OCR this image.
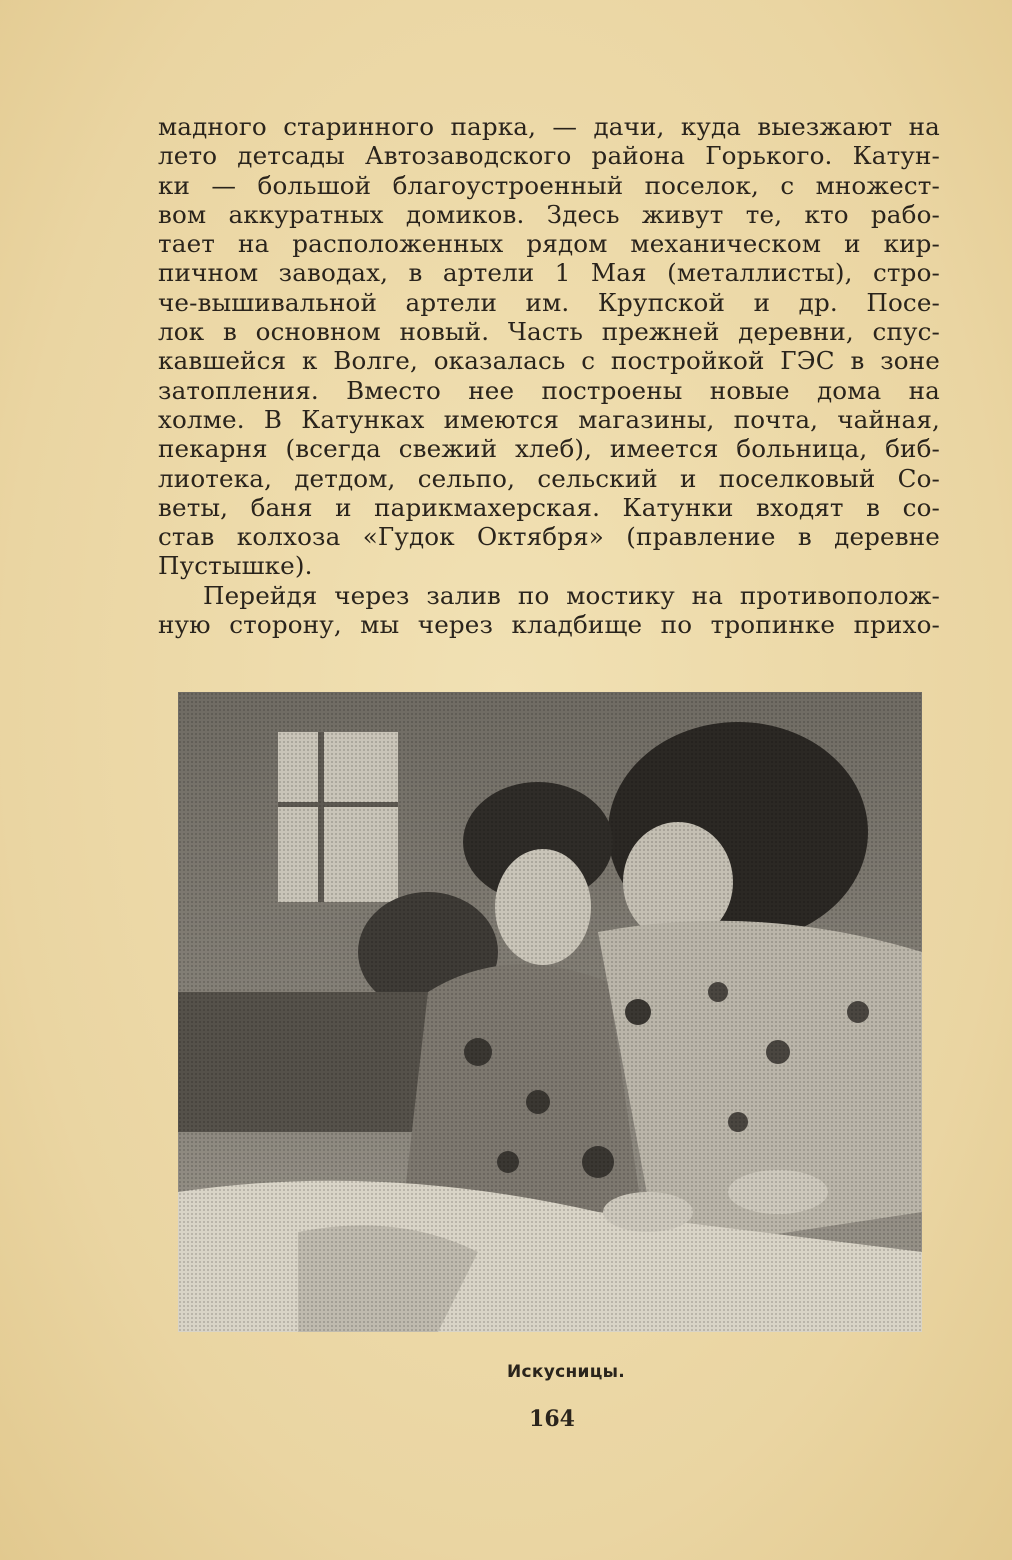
мадного старинного парка, — дачи, куда выезжают на
лето детсады Автозаводского района Горького. Катун-
ки — большой благоустроенный поселок, с множест-
вом аккуратных домиков. Здесь живут те, кто рабо-
тает на расположенных рядом механическом и кир-
пичном заводах, в артели 1 Мая (металлисты), стро-
че-вышивальной артели им. Крупской и др. Посе-
лок в основном новый. Часть прежней деревни, спус-
кавшейся к Волге, оказалась с постройкой ГЭС в зоне
затопления. Вместо нее построены новые дома на
холме. В Катунках имеются магазины, почта, чайная,
пекарня (всегда свежий хлеб), имеется больница, биб-
лиотека, детдом, сельпо, сельский и поселковый Со-
веты, баня и парикмахерская. Катунки входят в со-
став колхоза «Гудок Октября» (правление в деревне
Пустышке).
Перейдя через залив по мостику на противополож-
ную сторону, мы через кладбище по тропинке прихо-
Искусницы.
164
